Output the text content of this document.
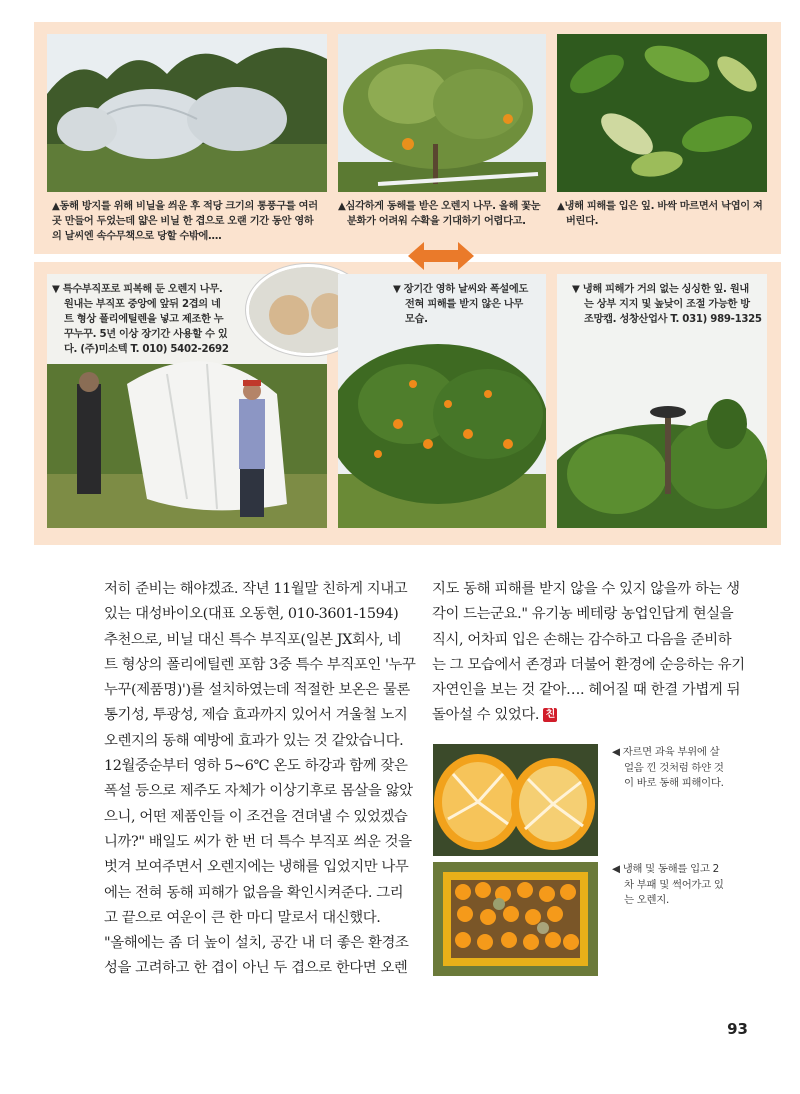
▲동해 방지를 위해 비닐을 씌운 후 적당 크기의 통풍구를 여러
곳 만들어 두었는데 얇은 비닐 한 겹으로 오랜 기간 동안 영하
의 날씨엔 속수무책으로 당할 수밖에….
▲심각하게 동해를 받은 오렌지 나무. 올해 꽃눈
분화가 어려워 수확을 기대하기 어렵다고.
▲냉해 피해를 입은 잎. 바싹 마르면서 낙엽이 져
버린다.
▼ 특수부직포로 피복해 둔 오렌지 나무.
원내는 부직포 중앙에 앞뒤 2겹의 네
트 형상 폴리에틸렌을 넣고 제조한 누
꾸누꾸. 5년 이상 장기간 사용할 수 있
다. (주)미소텍 T. 010) 5402-2692
▼ 장기간 영하 날씨와 폭설에도
전혀 피해를 받지 않은 나무
모습.
▼ 냉해 피해가 거의 없는 싱싱한 잎. 원내
는 상부 지지 및 높낮이 조절 가능한 방
조망캡. 성창산업사 T. 031) 989-1325

저히 준비는 해야겠죠. 작년 11월말 친하게 지내고

있는 대성바이오(대표 오동현, 010-3601-1594)

추천으로, 비닐 대신 특수 부직포(일본 JX회사, 네

트 형상의 폴리에틸렌 포함 3중 특수 부직포인 '누꾸

누꾸(제품명)')를 설치하였는데 적절한 보온은 물론

통기성, 투광성, 제습 효과까지 있어서 겨울철 노지

오렌지의 동해 예방에 효과가 있는 것 같았습니다.

12월중순부터 영하 5~6℃ 온도 하강과 함께 잦은

폭설 등으로 제주도 자체가 이상기후로 몸살을 앓았

으니, 어떤 제품인들 이 조건을 견뎌낼 수 있었겠습

니까?" 배일도 씨가 한 번 더 특수 부직포 씌운 것을

벗겨 보여주면서 오렌지에는 냉해를 입었지만 나무

에는 전혀 동해 피해가 없음을 확인시켜준다. 그리

고 끝으로 여운이 큰 한 마디 말로서 대신했다.

"올해에는 좀 더 높이 설치, 공간 내 더 좋은 환경조

성을 고려하고 한 겹이 아닌 두 겹으로 한다면 오렌

지도 동해 피해를 받지 않을 수 있지 않을까 하는 생

각이 드는군요." 유기농 베테랑 농업인답게 현실을

직시, 어차피 입은 손해는 감수하고 다음을 준비하

는 그 모습에서 존경과 더불어 환경에 순응하는 유기

자연인을 보는 것 같아…. 헤어질 때 한결 가볍게 뒤

돌아설 수 있었다. 친

◀ 자르면 과육 부위에 살
얼음 낀 것처럼 하얀 것
이 바로 동해 피해이다.
◀ 냉해 및 동해를 입고 2
차 부패 및 썩어가고 있
는 오렌지.
93
